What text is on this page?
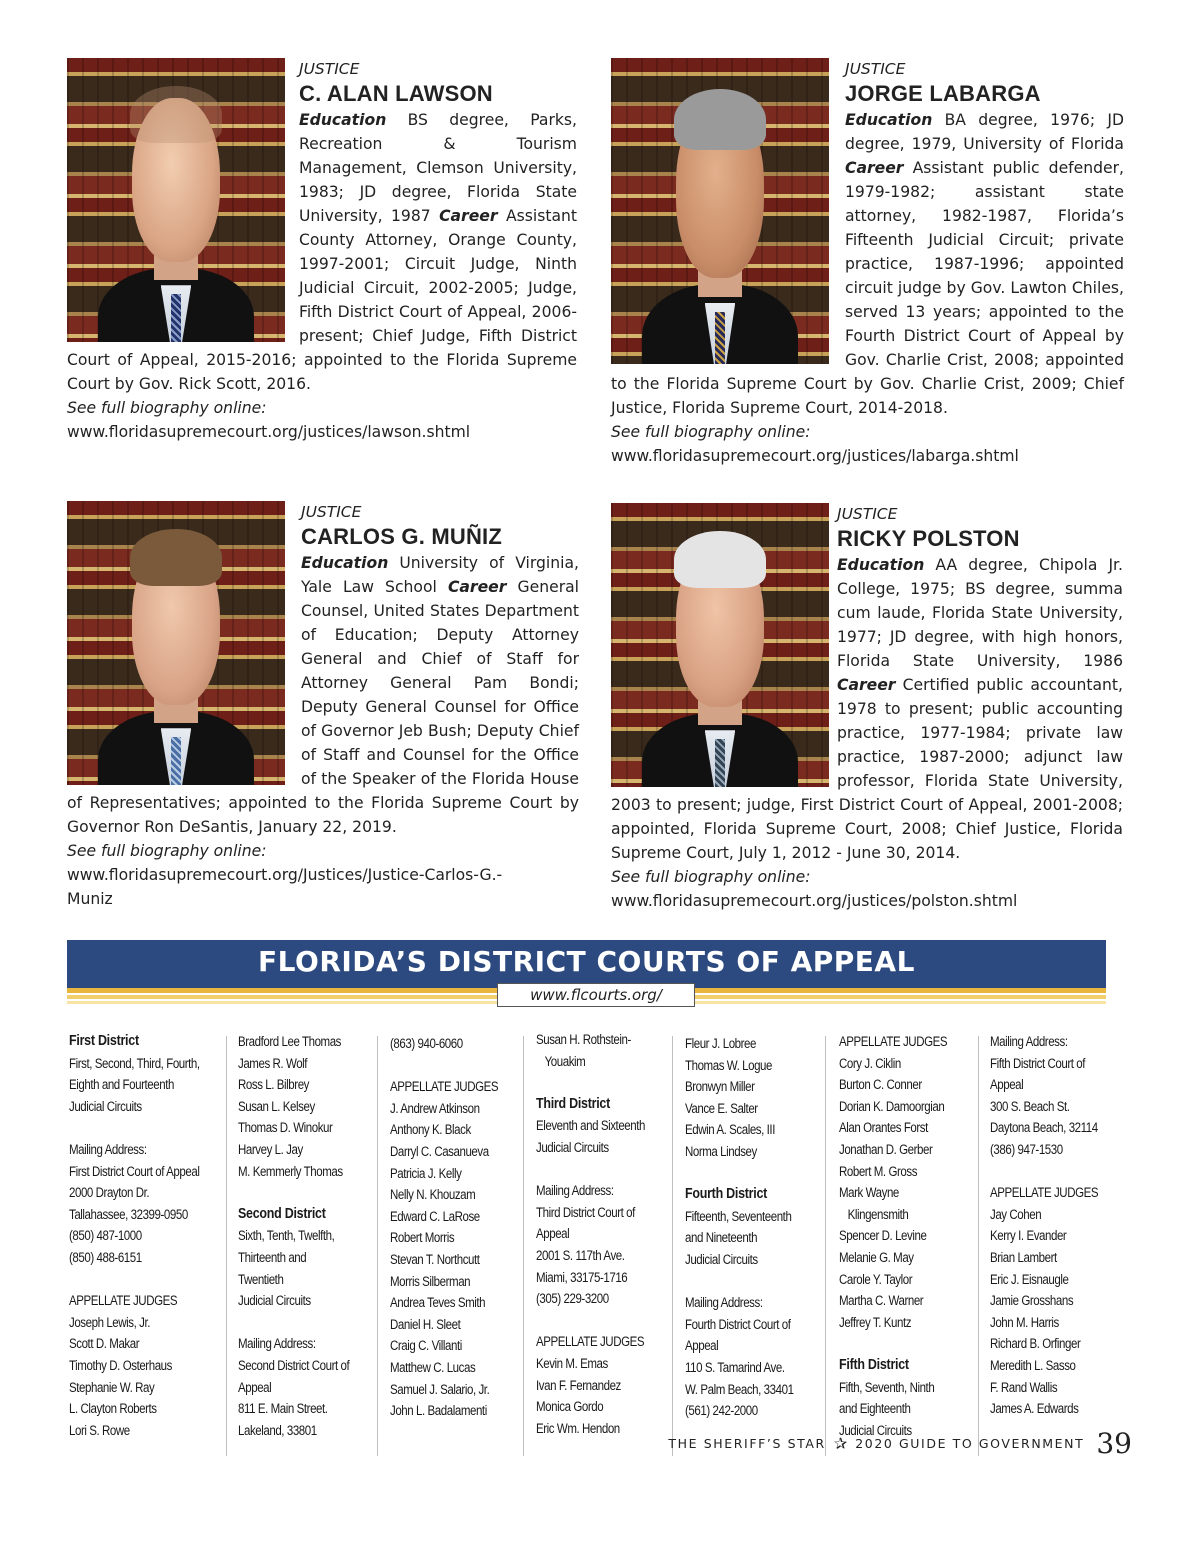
JUSTICE
C. ALAN LAWSON
Education BS degree, Parks, Recreation & Tourism Management, Clemson University, 1983; JD degree, Florida State University, 1987 Career Assistant County Attorney, Orange County, 1997-2001; Circuit Judge, Ninth Judicial Circuit, 2002-2005; Judge, Fifth District Court of Appeal, 2006-present; Chief Judge, Fifth District Court of Appeal, 2015-2016; appointed to the Florida Supreme Court by Gov. Rick Scott, 2016.
See full biography online:
www.floridasupremecourt.org/justices/lawson.shtml
JUSTICE
JORGE LABARGA
Education BA degree, 1976; JD degree, 1979, University of Florida Career Assistant public defender, 1979-1982; assistant state attorney, 1982-1987, Florida’s Fifteenth Judicial Circuit; private practice, 1987-1996; appointed circuit judge by Gov. Lawton Chiles, served 13 years; appointed to the Fourth District Court of Appeal by Gov. Charlie Crist, 2008; appointed to the Florida Supreme Court by Gov. Charlie Crist, 2009; Chief Justice, Florida Supreme Court, 2014-2018.
See full biography online:
www.floridasupremecourt.org/justices/labarga.shtml
JUSTICE
CARLOS G. MUÑIZ
Education University of Virginia, Yale Law School Career General Counsel, United States Department of Education; Deputy Attorney General and Chief of Staff for Attorney General Pam Bondi; Deputy General Counsel for Office of Governor Jeb Bush; Deputy Chief of Staff and Counsel for the Office of the Speaker of the Florida House of Representatives; appointed to the Florida Supreme Court by Governor Ron DeSantis, January 22, 2019.
See full biography online:
www.floridasupremecourt.org/Justices/Justice-Carlos-G.-Muniz
JUSTICE
RICKY POLSTON
Education AA degree, Chipola Jr. College, 1975; BS degree, summa cum laude, Florida State University, 1977; JD degree, with high honors, Florida State University, 1986 Career Certified public accountant, 1978 to present; public accounting practice, 1977-1984; private law practice, 1987-2000; adjunct law professor, Florida State University, 2003 to present; judge, First District Court of Appeal, 2001-2008; appointed, Florida Supreme Court, 2008; Chief Justice, Florida Supreme Court, July 1, 2012 - June 30, 2014.
See full biography online:
www.floridasupremecourt.org/justices/polston.shtml
FLORIDA’S DISTRICT COURTS OF APPEAL
www.flcourts.org/
First District
First, Second, Third, Fourth,
Eighth and Fourteenth
Judicial Circuits
Mailing Address:
First District Court of Appeal
2000 Drayton Dr.
Tallahassee, 32399-0950
(850) 487-1000
(850) 488-6151
APPELLATE JUDGES
Joseph Lewis, Jr.
Scott D. Makar
Timothy D. Osterhaus
Stephanie W. Ray
L. Clayton Roberts
Lori S. Rowe
Bradford Lee Thomas
James R. Wolf
Ross L. Bilbrey
Susan L. Kelsey
Thomas D. Winokur
Harvey L. Jay
M. Kemmerly Thomas
Second District
Sixth, Tenth, Twelfth,
Thirteenth and
Twentieth
Judicial Circuits
Mailing Address:
Second District Court of
Appeal
811 E. Main Street.
Lakeland, 33801
(863) 940-6060
APPELLATE JUDGES
J. Andrew Atkinson
Anthony K. Black
Darryl C. Casanueva
Patricia J. Kelly
Nelly N. Khouzam
Edward C. LaRose
Robert Morris
Stevan T. Northcutt
Morris Silberman
Andrea Teves Smith
Daniel H. Sleet
Craig C. Villanti
Matthew C. Lucas
Samuel J. Salario, Jr.
John L. Badalamenti
Susan H. Rothstein-
Youakim
Third District
Eleventh and Sixteenth
Judicial Circuits
Mailing Address:
Third District Court of
Appeal
2001 S. 117th Ave.
Miami, 33175-1716
(305) 229-3200
APPELLATE JUDGES
Kevin M. Emas
Ivan F. Fernandez
Monica Gordo
Eric Wm. Hendon
Fleur J. Lobree
Thomas W. Logue
Bronwyn Miller
Vance E. Salter
Edwin A. Scales, III
Norma Lindsey
Fourth District
Fifteenth, Seventeenth
and Nineteenth
Judicial Circuits
Mailing Address:
Fourth District Court of
Appeal
110 S. Tamarind Ave.
W. Palm Beach, 33401
(561) 242-2000
APPELLATE JUDGES
Cory J. Ciklin
Burton C. Conner
Dorian K. Damoorgian
Alan Orantes Forst
Jonathan D. Gerber
Robert M. Gross
Mark Wayne
Klingensmith
Spencer D. Levine
Melanie G. May
Carole Y. Taylor
Martha C. Warner
Jeffrey T. Kuntz
Fifth District
Fifth, Seventh, Ninth
and Eighteenth
Judicial Circuits
Mailing Address:
Fifth District Court of
Appeal
300 S. Beach St.
Daytona Beach, 32114
(386) 947-1530
APPELLATE JUDGES
Jay Cohen
Kerry I. Evander
Brian Lambert
Eric J. Eisnaugle
Jamie Grosshans
John M. Harris
Richard B. Orfinger
Meredith L. Sasso
F. Rand Wallis
James A. Edwards
THE SHERIFF’S STAR ✰ 2020 GUIDE TO GOVERNMENT 39
